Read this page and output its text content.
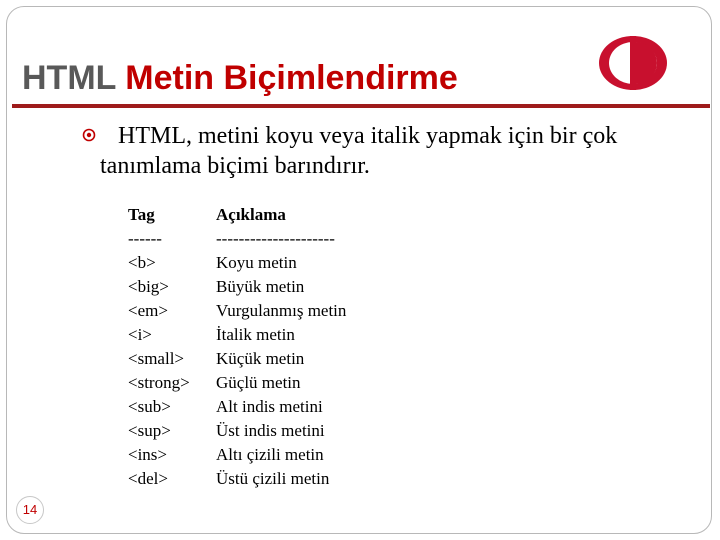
HTML Metin Biçimlendirme

HTML, metini koyu veya italik yapmak için bir çok tanımlama biçimi barındırır.

Tag	Açıklama
------	---------------------
<b>	Koyu metin
<big>	Büyük metin
<em>	Vurgulanmış metin
<i>	İtalik metin
<small>	Küçük metin
<strong>	Güçlü metin
<sub>	Alt indis metini
<sup>	Üst indis metini
<ins>	Altı çizili metin
<del>	Üstü çizili metin
14
